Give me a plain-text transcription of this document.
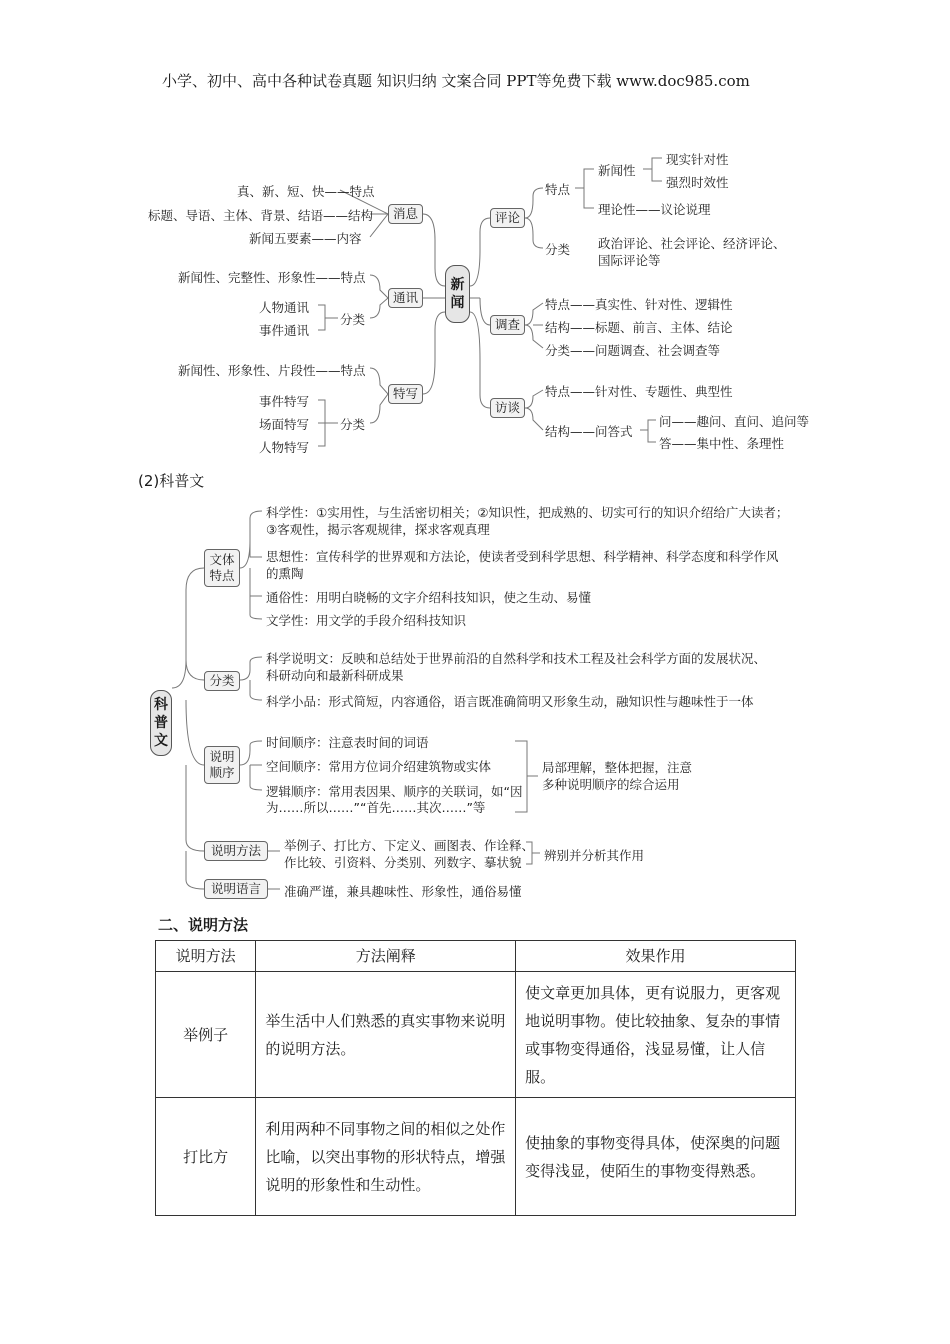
小学、初中、高中各种试卷真题 知识归纳 文案合同 PPT等免费下载 www.doc985.com
新闻
消息
真、新、短、快——特点
标题、导语、主体、背景、结语——结构
新闻五要素——内容
通讯
新闻性、完整性、形象性——特点
人物通讯
事件通讯
分类
特写
新闻性、形象性、片段性——特点
事件特写
场面特写
人物特写
分类
评论
特点
新闻性
现实针对性
强烈时效性
理论性——议论说理
分类 政治评论、社会评论、经济评论、
国际评论等
调查
特点——真实性、针对性、逻辑性
结构——标题、前言、主体、结论
分类——问题调查、社会调查等
访谈
特点——针对性、专题性、典型性
结构——问答式
问——趣问、直问、追问等
答——集中性、条理性
(2)科普文
科普文
文体特点
科学性：①实用性，与生活密切相关；②知识性，把成熟的、切实可行的知识介绍给广大读者；
③客观性，揭示客观规律，探求客观真理
思想性：宣传科学的世界观和方法论，使读者受到科学思想、科学精神、科学态度和科学作风
的熏陶
通俗性：用明白晓畅的文字介绍科技知识，使之生动、易懂
文学性：用文学的手段介绍科技知识
分类
科学说明文：反映和总结处于世界前沿的自然科学和技术工程及社会科学方面的发展状况、
科研动向和最新科研成果
科学小品：形式简短，内容通俗，语言既准确简明又形象生动，融知识性与趣味性于一体
说明顺序
时间顺序：注意表时间的词语
空间顺序：常用方位词介绍建筑物或实体
逻辑顺序：常用表因果、顺序的关联词，如“因
为……所以……”“首先……其次……”等
局部理解，整体把握，注意
多种说明顺序的综合运用
说明方法	举例子、打比方、下定义、画图表、作诠释、
作比较、引资料、分类别、列数字、摹状貌 辨别并分析其作用
说明语言	准确严谨，兼具趣味性、形象性，通俗易懂
二、说明方法
说明方法	方法阐释	效果作用
举例子	举生活中人们熟悉的真实事物来说明的说明方法。	使文章更加具体，更有说服力，更客观地说明事物。使比较抽象、复杂的事情或事物变得通俗，浅显易懂，让人信服。
打比方	利用两种不同事物之间的相似之处作比喻，以突出事物的形状特点，增强说明的形象性和生动性。	使抽象的事物变得具体，使深奥的问题变得浅显，使陌生的事物变得熟悉。
